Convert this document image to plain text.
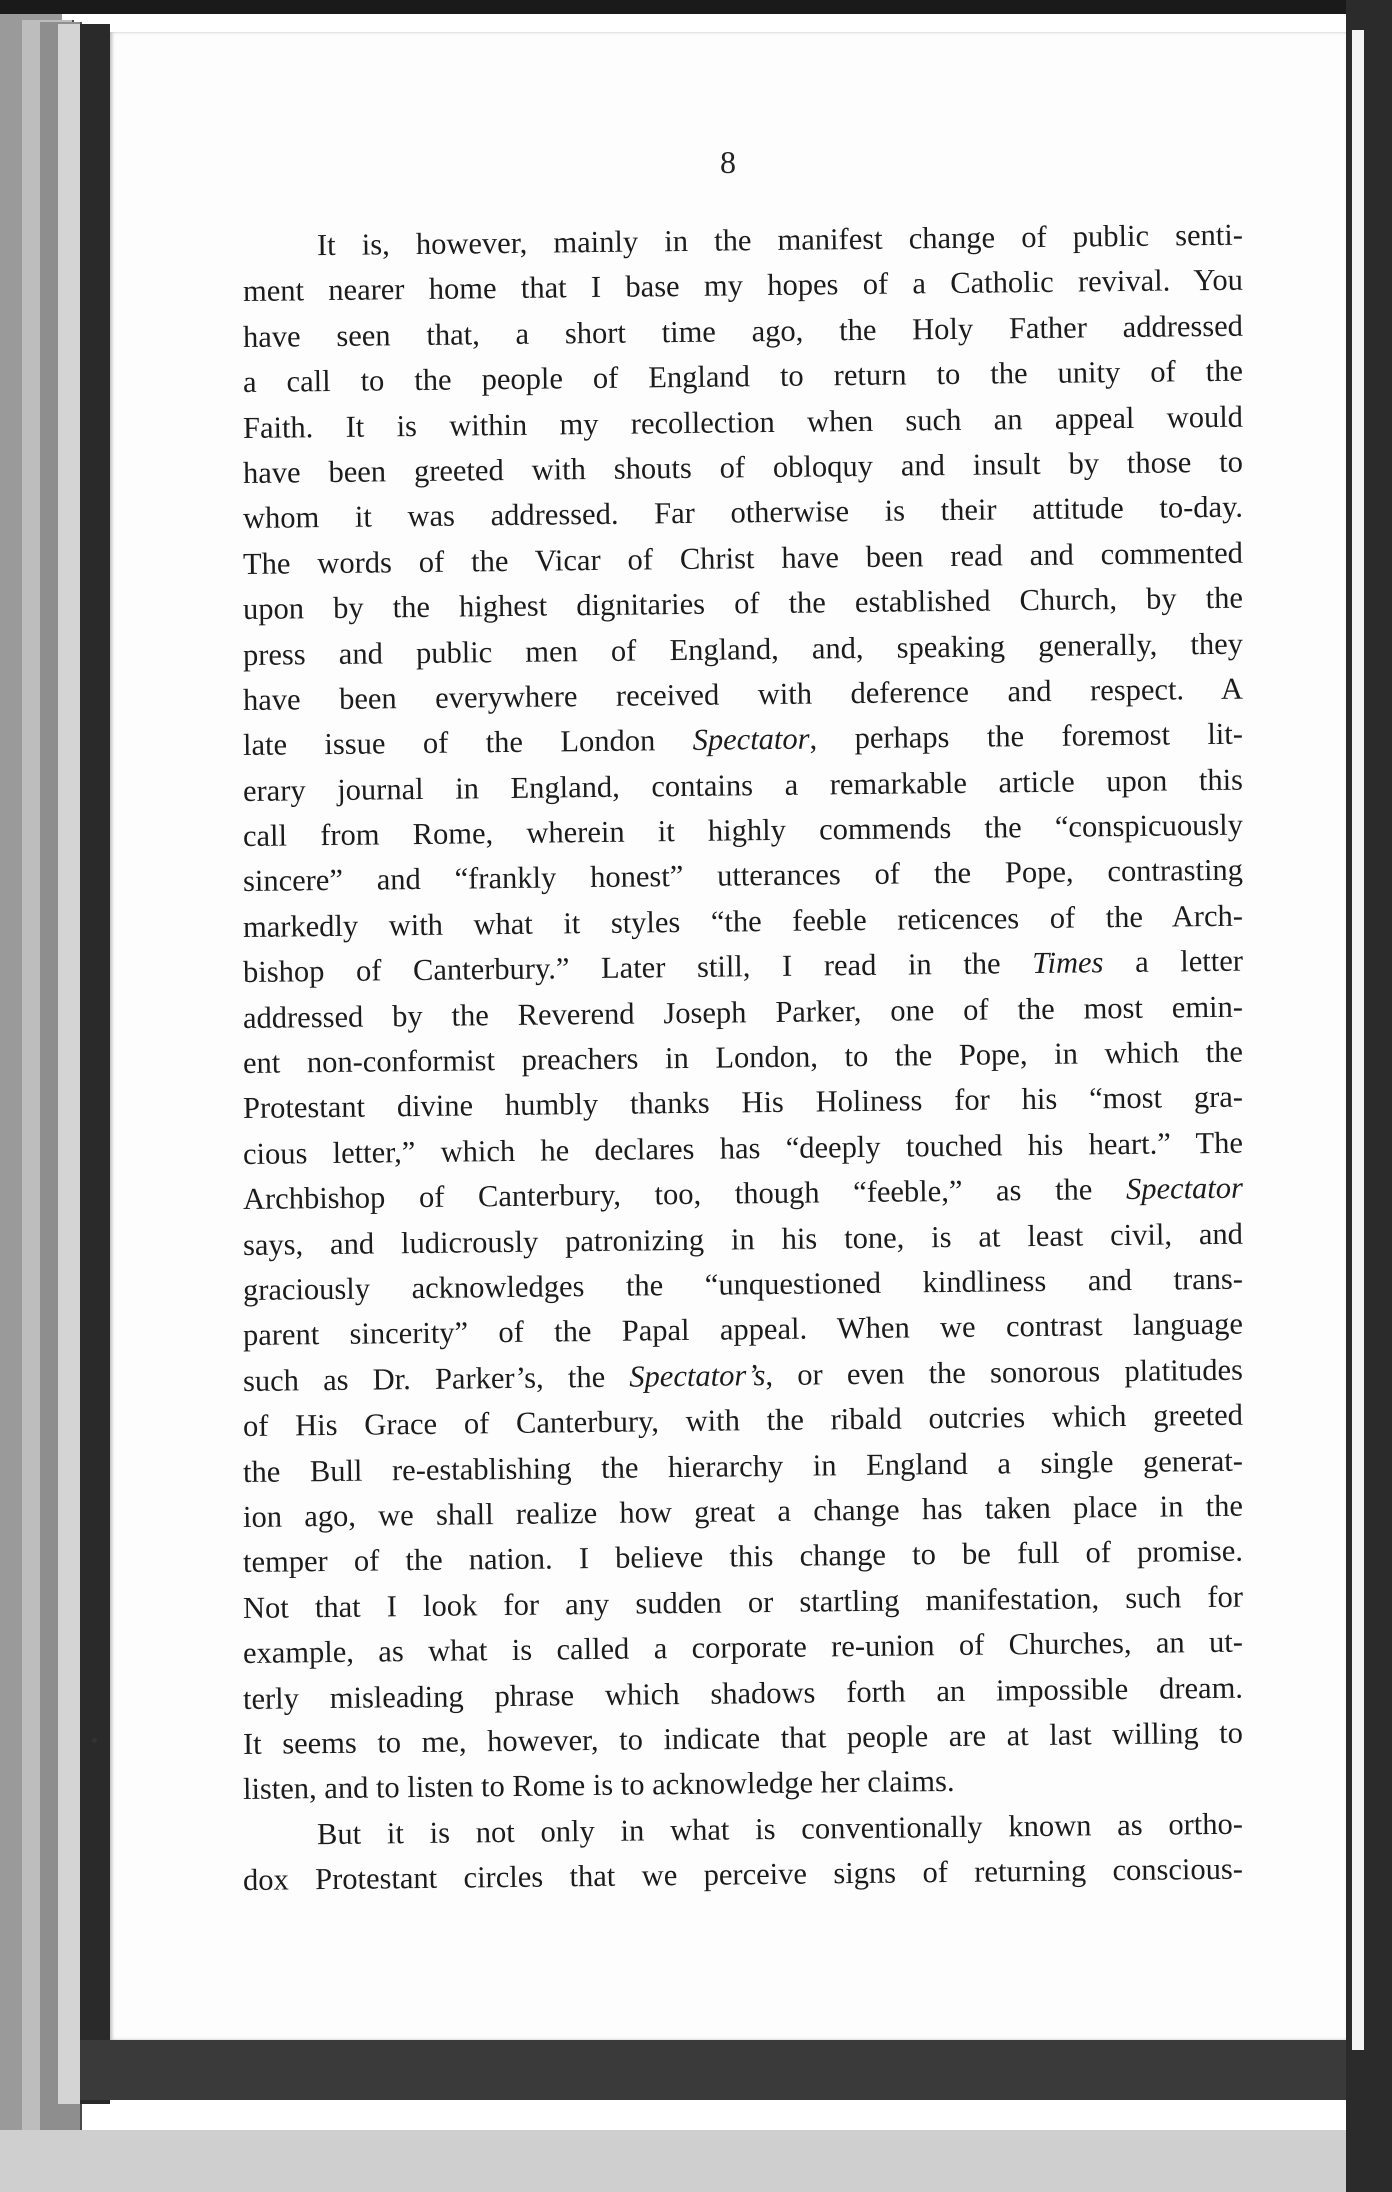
8
It is, however, mainly in the manifest change of public senti-
ment nearer home that I base my hopes of a Catholic revival. You
have seen that, a short time ago, the Holy Father addressed
a call to the people of England to return to the unity of the
Faith. It is within my recollection when such an appeal would
have been greeted with shouts of obloquy and insult by those to
whom it was addressed. Far otherwise is their attitude to-day.
The words of the Vicar of Christ have been read and commented
upon by the highest dignitaries of the established Church, by the
press and public men of England, and, speaking generally, they
have been everywhere received with deference and respect. A
late issue of the London Spectator, perhaps the foremost lit-
erary journal in England, contains a remarkable article upon this
call from Rome, wherein it highly commends the “conspicuously
sincere” and “frankly honest” utterances of the Pope, contrasting
markedly with what it styles “the feeble reticences of the Arch-
bishop of Canterbury.” Later still, I read in the Times a letter
addressed by the Reverend Joseph Parker, one of the most emin-
ent non-conformist preachers in London, to the Pope, in which the
Protestant divine humbly thanks His Holiness for his “most gra-
cious letter,” which he declares has “deeply touched his heart.” The
Archbishop of Canterbury, too, though “feeble,” as the Spectator
says, and ludicrously patronizing in his tone, is at least civil, and
graciously acknowledges the “unquestioned kindliness and trans-
parent sincerity” of the Papal appeal. When we contrast language
such as Dr. Parker’s, the Spectator’s, or even the sonorous platitudes
of His Grace of Canterbury, with the ribald outcries which greeted
the Bull re-establishing the hierarchy in England a single generat-
ion ago, we shall realize how great a change has taken place in the
temper of the nation. I believe this change to be full of promise.
Not that I look for any sudden or startling manifestation, such for
example, as what is called a corporate re-union of Churches, an ut-
terly misleading phrase which shadows forth an impossible dream.
It seems to me, however, to indicate that people are at last willing to
listen, and to listen to Rome is to acknowledge her claims.
But it is not only in what is conventionally known as ortho-
dox Protestant circles that we perceive signs of returning conscious-
